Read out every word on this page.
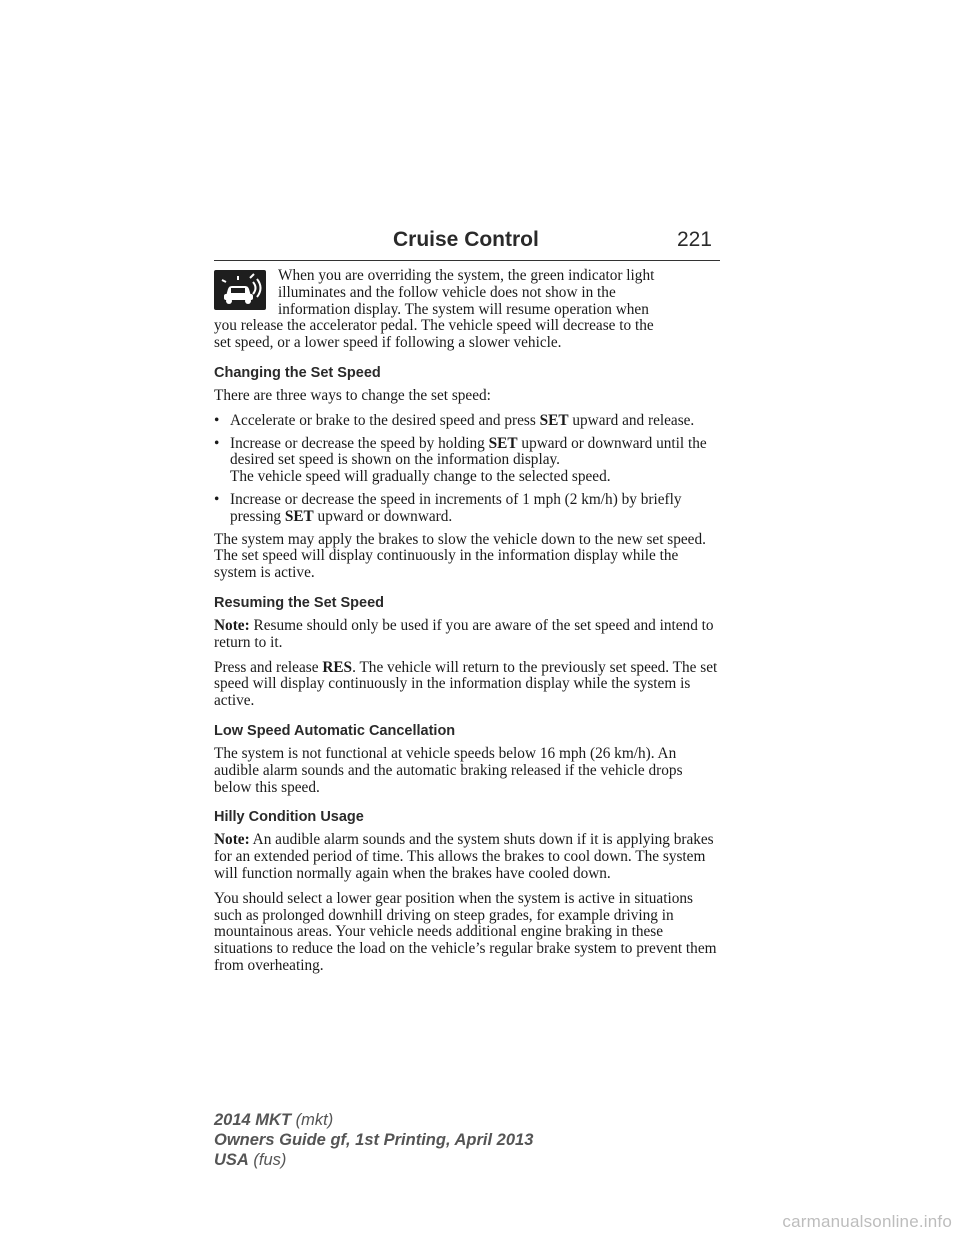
Cruise Control	221

When you are overriding the system, the green indicator light
illuminates and the follow vehicle does not show in the
information display. The system will resume operation when
you release the accelerator pedal. The vehicle speed will decrease to the
set speed, or a lower speed if following a slower vehicle.

Changing the Set Speed

There are three ways to change the set speed:

• Accelerate or brake to the desired speed and press SET upward and release.

• Increase or decrease the speed by holding SET upward or downward until the desired set speed is shown on the information display.
The vehicle speed will gradually change to the selected speed.

• Increase or decrease the speed in increments of 1 mph (2 km/h) by briefly pressing SET upward or downward.

The system may apply the brakes to slow the vehicle down to the new set speed. The set speed will display continuously in the information display while the system is active.

Resuming the Set Speed

Note: Resume should only be used if you are aware of the set speed and intend to return to it.

Press and release RES. The vehicle will return to the previously set speed. The set speed will display continuously in the information display while the system is active.

Low Speed Automatic Cancellation

The system is not functional at vehicle speeds below 16 mph (26 km/h). An audible alarm sounds and the automatic braking released if the vehicle drops below this speed.

Hilly Condition Usage

Note: An audible alarm sounds and the system shuts down if it is applying brakes for an extended period of time. This allows the brakes to cool down. The system will function normally again when the brakes have cooled down.

You should select a lower gear position when the system is active in situations such as prolonged downhill driving on steep grades, for example driving in mountainous areas. Your vehicle needs additional engine braking in these situations to reduce the load on the vehicle’s regular brake system to prevent them from overheating.

2014 MKT (mkt)
Owners Guide gf, 1st Printing, April 2013
USA (fus)
carmanualsonline.info
